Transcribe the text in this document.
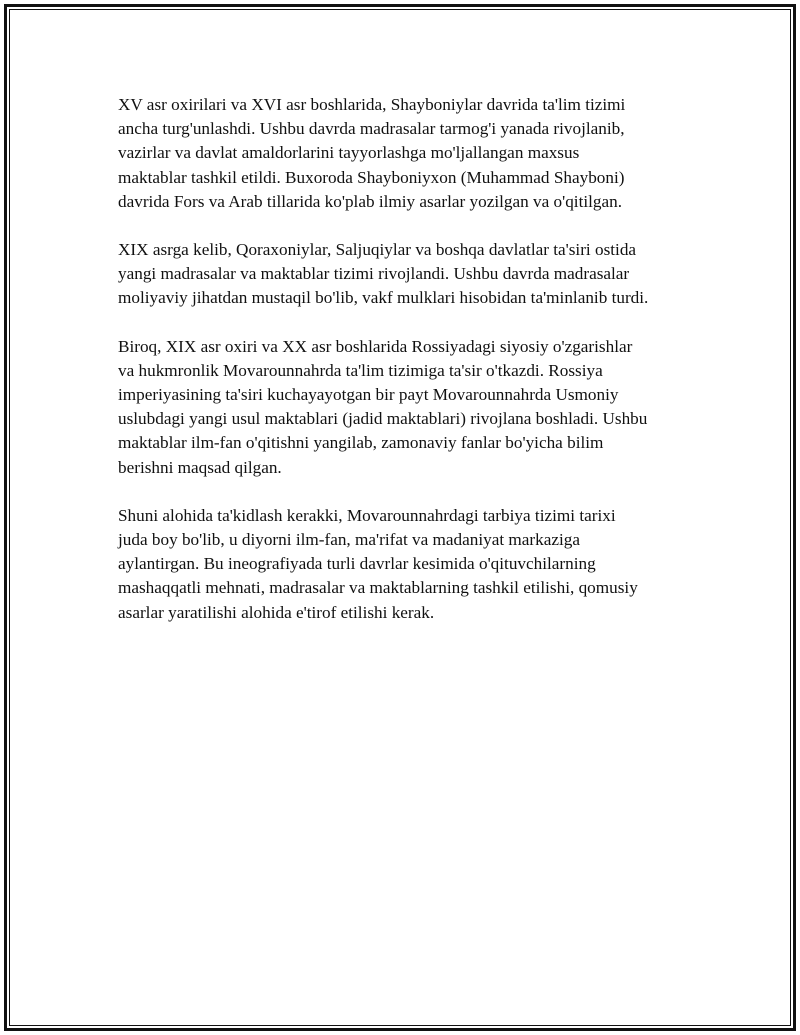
XV asr oxirilari va XVI asr boshlarida, Shayboniylar davrida ta'lim tizimi
ancha turg'unlashdi. Ushbu davrda madrasalar tarmog'i yanada rivojlanib,
vazirlar va davlat amaldorlarini tayyorlashga mo'ljallangan maxsus
maktablar tashkil etildi. Buxoroda Shayboniyxon (Muhammad Shayboni)
davrida Fors va Arab tillarida ko'plab ilmiy asarlar yozilgan va o'qitilgan.

XIX asrga kelib, Qoraxoniylar, Saljuqiylar va boshqa davlatlar ta'siri ostida
yangi madrasalar va maktablar tizimi rivojlandi. Ushbu davrda madrasalar
moliyaviy jihatdan mustaqil bo'lib, vakf mulklari hisobidan ta'minlanib turdi.

Biroq, XIX asr oxiri va XX asr boshlarida Rossiyadagi siyosiy o'zgarishlar
va hukmronlik Movarounnahrda ta'lim tizimiga ta'sir o'tkazdi. Rossiya
imperiyasining ta'siri kuchayayotgan bir payt Movarounnahrda Usmoniy
uslubdagi yangi usul maktablari (jadid maktablari) rivojlana boshladi. Ushbu
maktablar ilm-fan o'qitishni yangilab, zamonaviy fanlar bo'yicha bilim
berishni maqsad qilgan.

Shuni alohida ta'kidlash kerakki, Movarounnahrdagi tarbiya tizimi tarixi
juda boy bo'lib, u diyorni ilm-fan, ma'rifat va madaniyat markaziga
aylantirgan. Bu ineografiyada turli davrlar kesimida o'qituvchilarning
mashaqqatli mehnati, madrasalar va maktablarning tashkil etilishi, qomusiy
asarlar yaratilishi alohida e'tirof etilishi kerak.
